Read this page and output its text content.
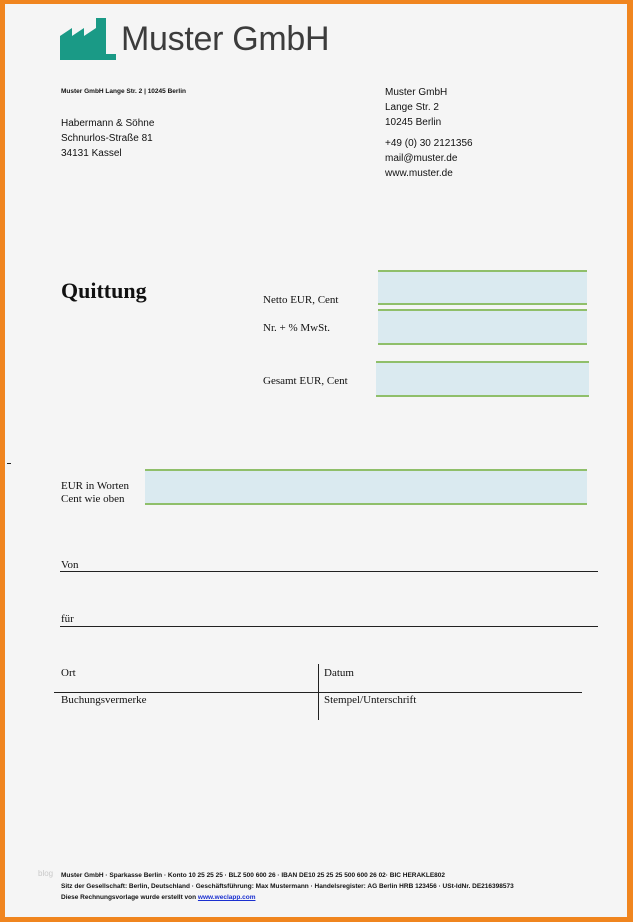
Muster GmbH
Muster GmbH Lange Str. 2 | 10245 Berlin
Habermann & Söhne
Schnurlos-Straße 81
34131 Kassel
Muster GmbH
Lange Str. 2
10245 Berlin
+49 (0) 30 2121356
mail@muster.de
www.muster.de
Quittung	Netto EUR, Cent
Nr. + % MwSt.
Gesamt EUR, Cent
EUR in Worten
Cent wie oben
Von
für
Ort	Datum
Buchungsvermerke	Stempel/Unterschrift
blog Muster GmbH · Sparkasse Berlin · Konto 10 25 25 25 · BLZ 500 600 26 · IBAN DE10 25 25 25 500 600 26 02· BIC HERAKLE802
Sitz der Gesellschaft: Berlin, Deutschland · Geschäftsführung: Max Mustermann · Handelsregister: AG Berlin HRB 123456 · USt-IdNr. DE216398573
Diese Rechnungsvorlage wurde erstellt von www.weclapp.com
